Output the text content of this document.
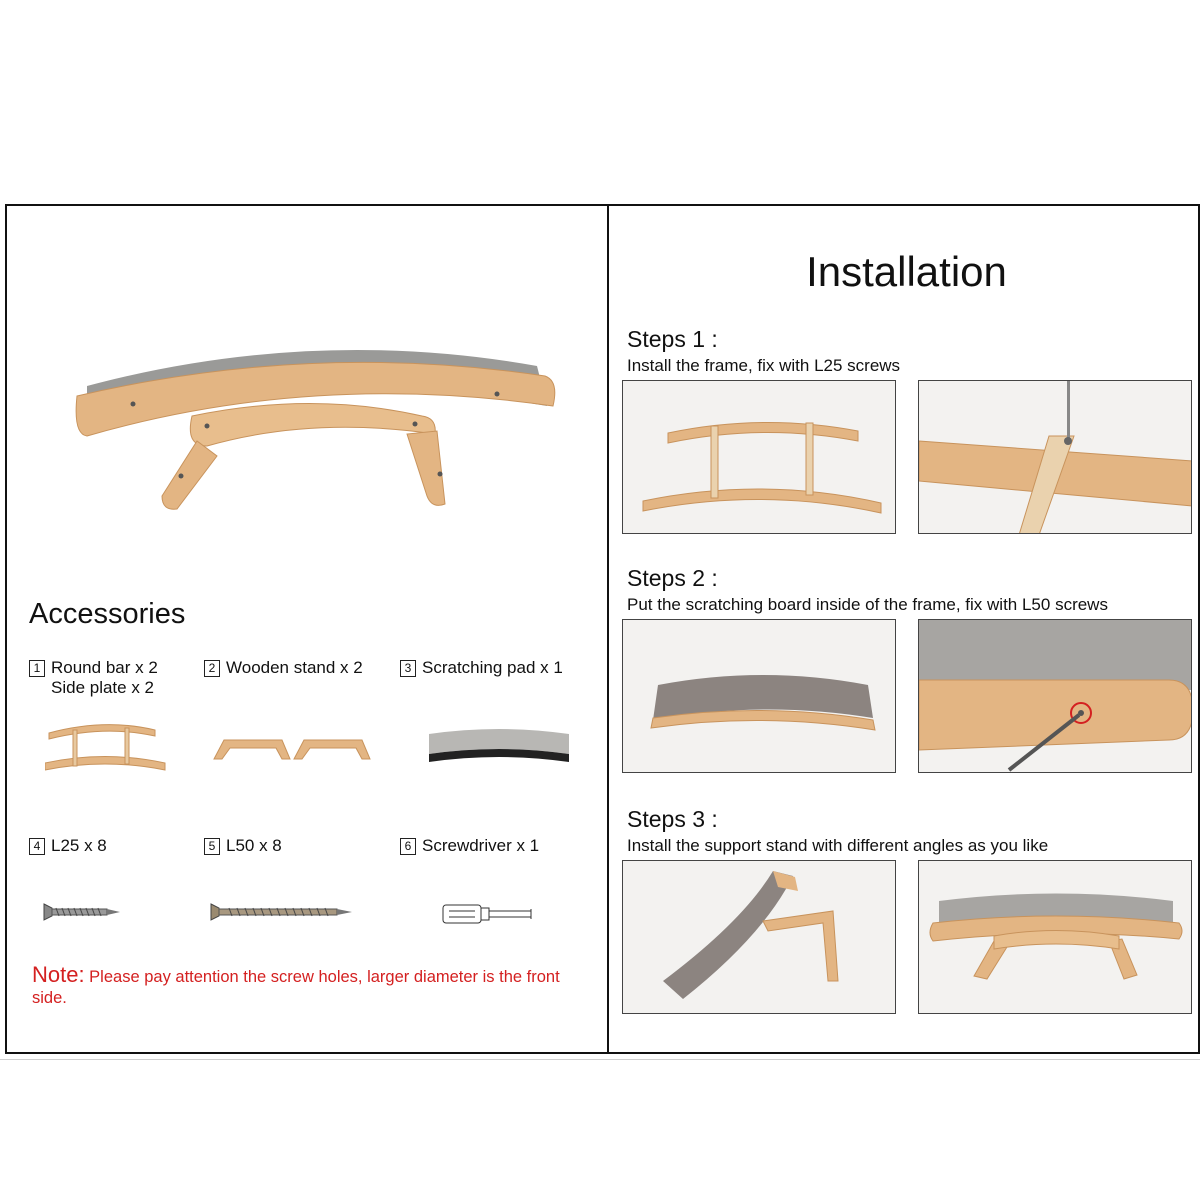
Accessories
1 Round bar x 2
Side plate x 2
2 Wooden stand x 2	3 Scratching pad x 1
4 L25 x 8	5 L50 x 8	6 Screwdriver x 1
Note: Please pay attention the screw holes, larger diameter is the front side.
Installation
Steps 1 :
Install the frame, fix with L25 screws
Steps 2 :
Put the scratching board inside of the frame, fix with L50 screws
Steps 3 :
Install the support stand with different angles as you like
